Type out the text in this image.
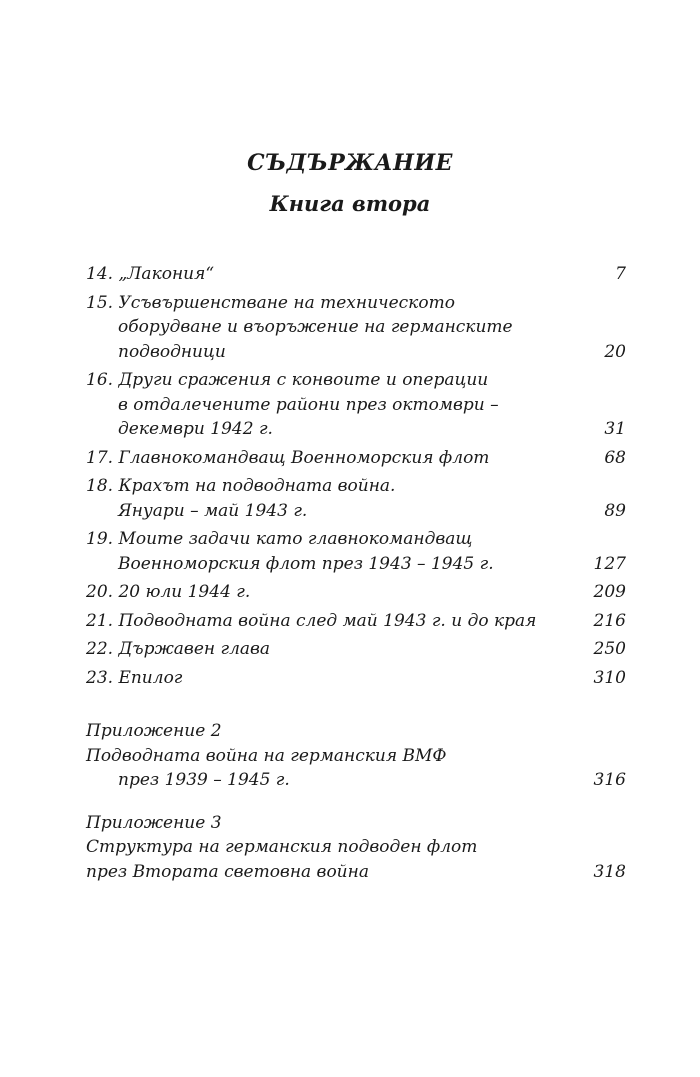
СЪДЪРЖАНИЕ
Книга втора
14. „Лакония“	7
15. Усъвършенстване на техническото
оборудване и въоръжение на германските
подводници	20
16. Други сражения с конвоите и операции
в отдалечените райони през октомври –
декември 1942 г.	31
17. Главнокомандващ Военноморския флот	68
18. Крахът на подводната война.
Януари – май 1943 г.	89
19. Моите задачи като главнокомандващ
Военноморския флот през 1943 – 1945 г.	127
20. 20 юли 1944 г.	209
21. Подводната война след май 1943 г. и до края	216
22. Държавен глава	250
23. Епилог	310
Приложение 2
Подводната война на германския ВМФ
през 1939 – 1945 г.	316
Приложение 3
Структура на германския подводен флот
през Втората световна война	318
